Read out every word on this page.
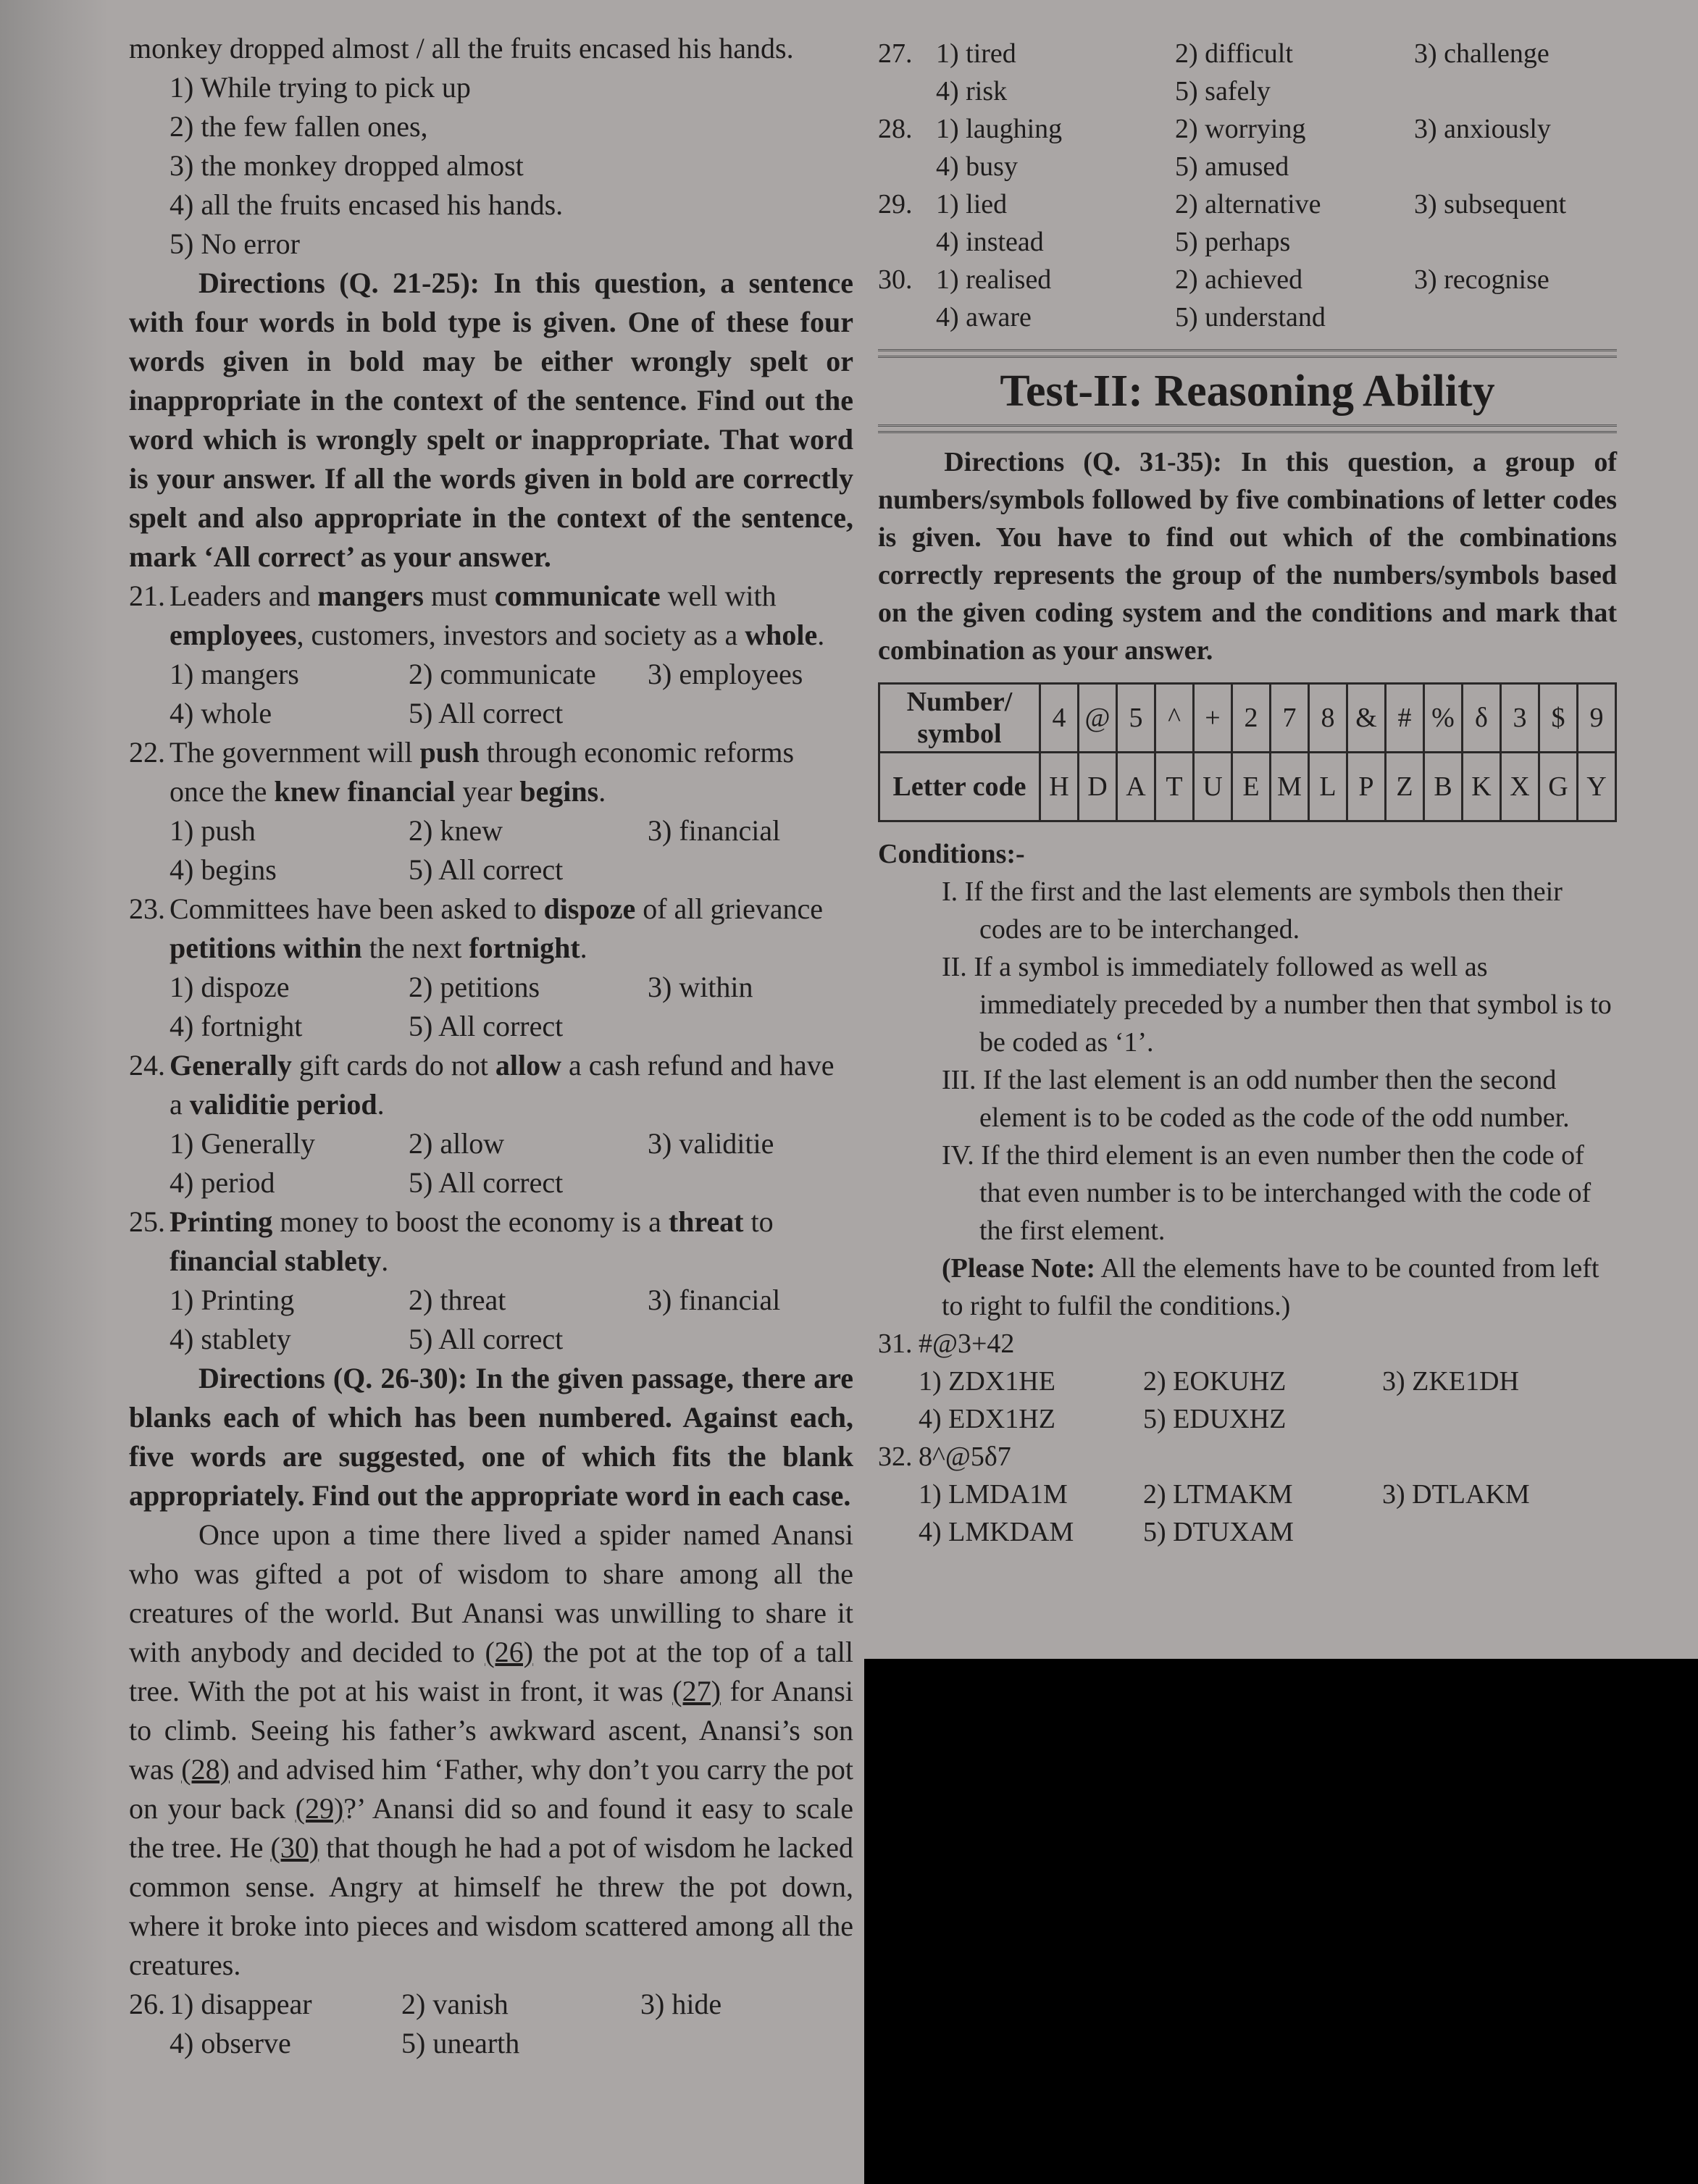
monkey dropped almost / all the fruits encased his hands.

1) While trying to pick up

2) the few fallen ones,

3) the monkey dropped almost

4) all the fruits encased his hands.

5) No error

Directions (Q. 21-25): In this question, a sentence with four words in bold type is given. One of these four words given in bold may be either wrongly spelt or inappropriate in the context of the sentence. Find out the word which is wrongly spelt or inappropriate. That word is your answer. If all the words given in bold are correctly spelt and also appropriate in the context of the sentence, mark ‘All correct’ as your answer.

21. Leaders and mangers must communicate well with employees, customers, investors and society as a whole.
1) mangers	2) communicate	3) employees
4) whole	5) All correct
22. The government will push through economic reforms once the knew financial year begins.
1) push	2) knew	3) financial
4) begins	5) All correct
23. Committees have been asked to dispoze of all grievance petitions within the next fortnight.
1) dispoze	2) petitions	3) within
4) fortnight	5) All correct
24. Generally gift cards do not allow a cash refund and have a validitie period.
1) Generally	2) allow	3) validitie
4) period	5) All correct
25. Printing money to boost the economy is a threat to financial stablety.
1) Printing	2) threat	3) financial
4) stablety	5) All correct

Directions (Q. 26-30): In the given passage, there are blanks each of which has been numbered. Against each, five words are suggested, one of which fits the blank appropriately. Find out the appropriate word in each case.

Once upon a time there lived a spider named Anansi who was gifted a pot of wisdom to share among all the creatures of the world. But Anansi was unwilling to share it with anybody and decided to (26) the pot at the top of a tall tree. With the pot at his waist in front, it was (27) for Anansi to climb. Seeing his father’s awkward ascent, Anansi’s son was (28) and advised him ‘Father, why don’t you carry the pot on your back (29)?’ Anansi did so and found it easy to scale the tree. He (30) that though he had a pot of wisdom he lacked common sense. Angry at himself he threw the pot down, where it broke into pieces and wisdom scattered among all the creatures.

26. 1) disappear	2) vanish	3) hide
4) observe	5) unearth
27. 1) tired	2) difficult	3) challenge
4) risk	5) safely
28. 1) laughing	2) worrying	3) anxiously
4) busy	5) amused
29. 1) lied	2) alternative	3) subsequent
4) instead	5) perhaps
30. 1) realised	2) achieved	3) recognise
4) aware	5) understand
Test-II: Reasoning Ability

Directions (Q. 31-35): In this question, a group of numbers/symbols followed by five combinations of letter codes is given. You have to find out which of the combinations correctly represents the group of the numbers/symbols based on the given coding system and the conditions and mark that combination as your answer.

Number/ symbol	4	@	5	^	+	2	7	8	&	#	%	δ	3	$	9
Letter code	H	D	A	T	U	E	M	L	P	Z	B	K	X	G	Y

Conditions:-

I. If the first and the last elements are symbols then their codes are to be interchanged.

II. If a symbol is immediately followed as well as immediately preceded by a number then that symbol is to be coded as ‘1’.

III. If the last element is an odd number then the second element is to be coded as the code of the odd number.

IV. If the third element is an even number then the code of that even number is to be interchanged with the code of the first element.

(Please Note: All the elements have to be counted from left to right to fulfil the conditions.)

31. #@3+42
1) ZDX1HE	2) EOKUHZ	3) ZKE1DH
4) EDX1HZ	5) EDUXHZ
32. 8^@5δ7
1) LMDA1M	2) LTMAKM	3) DTLAKM
4) LMKDAM	5) DTUXAM
